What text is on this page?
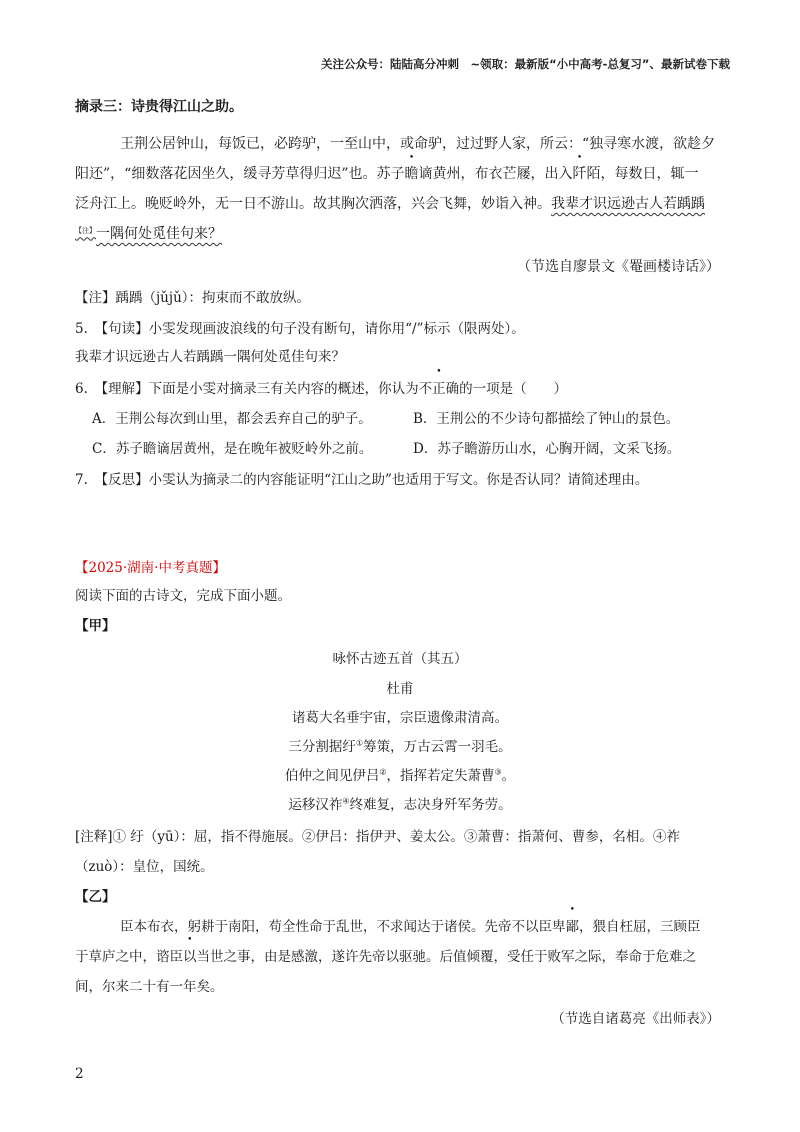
关注公众号：陆陆高分冲刺　~领取：最新版“小中高考-总复习”、最新试卷下载
摘录三：诗贵得江山之助。
王荆公居钟山，每饭已，必跨驴，一至山中，或命驴，过过野人家，所云：“独寻寒水渡，欲趁夕
阳还”，“细数落花因坐久，缓寻芳草得归迟”也。苏子瞻谪黄州，布衣芒屦，出入阡陌，每数日，辄一
泛舟江上。晚贬岭外，无一日不游山。故其胸次洒落，兴会飞舞，妙诣入神。我辈才识远逊古人若踽踽
$^{【注】}$一隅何处觅佳句来？
（节选自廖景文《罨画楼诗话》）
【注】踽踽（jǔjǔ）：拘束而不敢放纵。
5.　【句读】小雯发现画波浪线的句子没有断句，请你用“/”标示（限两处）。
我辈才识远逊古人若踽踽一隅何处觅佳句来？
6.　【理解】下面是小雯对摘录三有关内容的概述，你认为不正确的一项是（　　）
A．王荆公每次到山里，都会丢弃自己的驴子。	B．王荆公的不少诗句都描绘了钟山的景色。
C．苏子瞻谪居黄州，是在晚年被贬岭外之前。	D．苏子瞻游历山水，心胸开阔，文采飞扬。
7.　【反思】小雯认为摘录二的内容能证明“江山之助”也适用于写文。你是否认同？请简述理由。
【2025·湖南·中考真题】
阅读下面的古诗文，完成下面小题。
【甲】
咏怀古迹五首（其五）
杜甫
诸葛大名垂宇宙，宗臣遗像肃清高。
三分割据纡①筹策，万古云霄一羽毛。
伯仲之间见伊吕②，指挥若定失萧曹③。
运移汉祚④终难复，志决身歼军务劳。
[注释]① 纡（yū）：屈，指不得施展。②伊吕：指伊尹、姜太公。③萧曹：指萧何、曹参，名相。④祚
（zuò）：皇位，国统。
【乙】
臣本布衣，躬耕于南阳，苟全性命于乱世，不求闻达于诸侯。先帝不以臣卑鄙，猥自枉屈，三顾臣
于草庐之中，谘臣以当世之事，由是感激，遂许先帝以驱驰。后值倾覆，受任于败军之际，奉命于危难之
间，尔来二十有一年矣。
（节选自诸葛亮《出师表》）
2
